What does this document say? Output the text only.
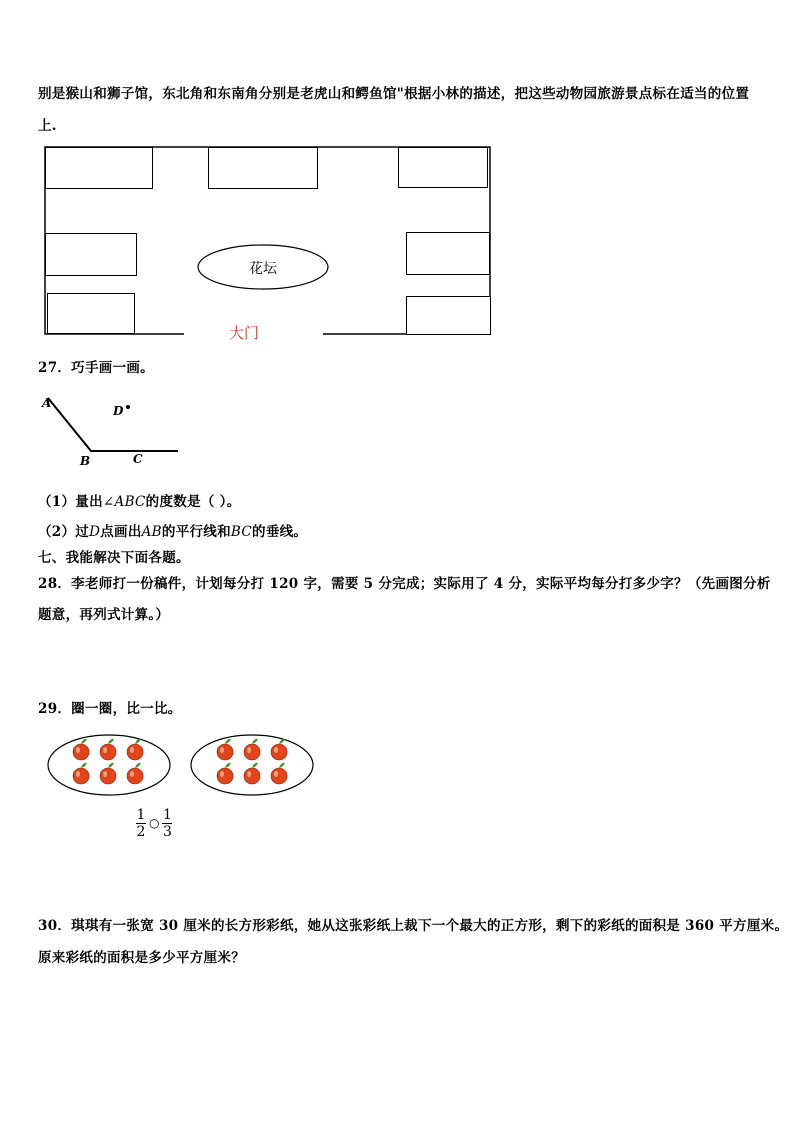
别是猴山和狮子馆，东北角和东南角分别是老虎山和鳄鱼馆"根据小林的描述，把这些动物园旅游景点标在适当的位置
上.
花坛
大门
27．巧手画一画。
A
B	C
D
（1）量出∠ABC的度数是（ ）。
（2）过D点画出AB的平行线和BC的垂线。
七、我能解决下面各题。
28．李老师打一份稿件，计划每分打 120 字，需要 5 分完成；实际用了 4 分，实际平均每分打多少字？（先画图分析
题意，再列式计算。）
29．圈一圈，比一比。
1
2
○
1
3
30．琪琪有一张宽 30 厘米的长方形彩纸，她从这张彩纸上裁下一个最大的正方形，剩下的彩纸的面积是 360 平方厘米。
原来彩纸的面积是多少平方厘米？
